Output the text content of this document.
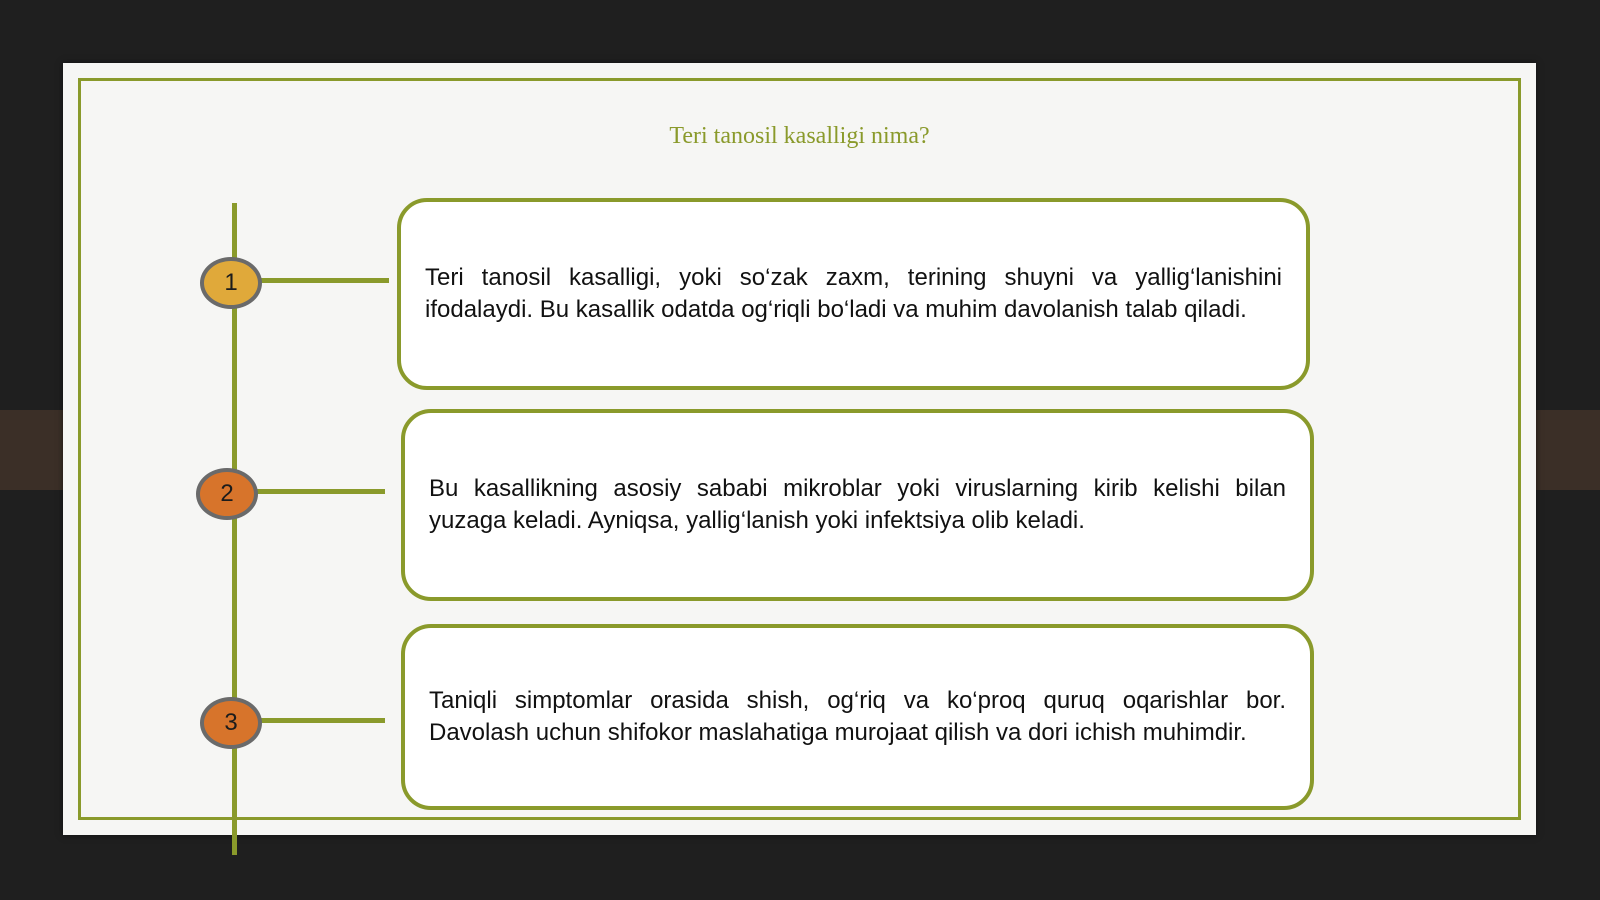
Teri tanosil kasalligi nima?
1	Teri tanosil kasalligi, yoki so‘zak zaxm, terining shuyni va yallig‘lanishini ifodalaydi. Bu kasallik odatda og‘riqli bo‘ladi va muhim davolanish talab qiladi.

2	Bu kasallikning asosiy sababi mikroblar yoki viruslarning kirib kelishi bilan yuzaga keladi. Ayniqsa, yallig‘lanish yoki infektsiya olib keladi.

3

Taniqli simptomlar orasida shish, og‘riq va ko‘proq quruq oqarishlar bor. Davolash uchun shifokor maslahatiga murojaat qilish va dori ichish muhimdir.
